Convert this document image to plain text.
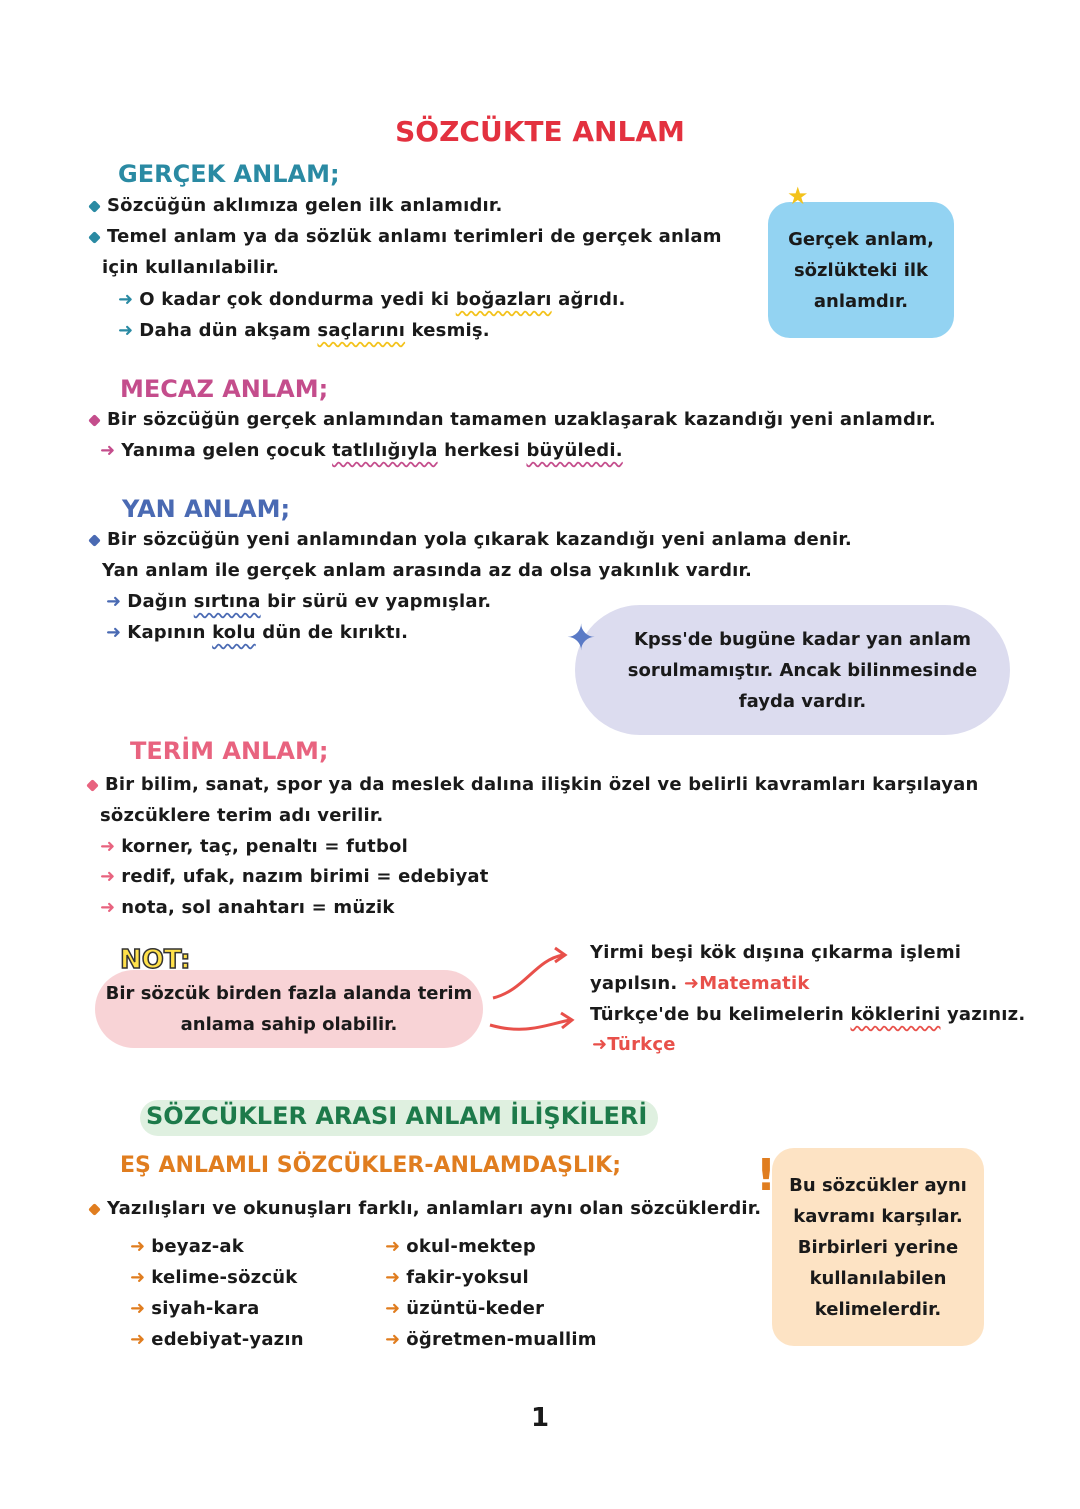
SÖZCÜKTE ANLAM
GERÇEK ANLAM;
Sözcüğün aklımıza gelen ilk anlamıdır.
Temel anlam ya da sözlük anlamı terimleri de gerçek anlam
için kullanılabilir.
➜ O kadar çok dondurma yedi ki boğazları ağrıdı.
➜ Daha dün akşam saçlarını kesmiş.
Gerçek anlam,
sözlükteki ilk
anlamdır.
★
MECAZ ANLAM;
Bir sözcüğün gerçek anlamından tamamen uzaklaşarak kazandığı yeni anlamdır.
➜ Yanıma gelen çocuk tatlılığıyla herkesi büyüledi.
YAN ANLAM;
Bir sözcüğün yeni anlamından yola çıkarak kazandığı yeni anlama denir.
Yan anlam ile gerçek anlam arasında az da olsa yakınlık vardır.
➜ Dağın sırtına bir sürü ev yapmışlar.
➜ Kapının kolu dün de kırıktı.	Kpss'de bugüne kadar yan anlam
sorulmamıştır. Ancak bilinmesinde
fayda vardır.
✦
TERİM ANLAM;
Bir bilim, sanat, spor ya da meslek dalına ilişkin özel ve belirli kavramları karşılayan
sözcüklere terim adı verilir.
➜ korner, taç, penaltı = futbol
➜ redif, ufak, nazım birimi = edebiyat
➜ nota, sol anahtarı = müzik
Bir sözcük birden fazla alanda terim
anlama sahip olabilir.
NOT:	Yirmi beşi kök dışına çıkarma işlemi
yapılsın. ➜Matematik
Türkçe'de bu kelimelerin köklerini yazınız.
➜Türkçe
SÖZCÜKLER ARASI ANLAM İLİŞKİLERİ
EŞ ANLAMLI SÖZCÜKLER-ANLAMDAŞLIK;
Yazılışları ve okunuşları farklı, anlamları aynı olan sözcüklerdir.
➜ beyaz-ak
➜ kelime-sözcük
➜ siyah-kara
➜ edebiyat-yazın
➜ okul-mektep
➜ fakir-yoksul
➜ üzüntü-keder
➜ öğretmen-muallim
Bu sözcükler aynı
kavramı karşılar.
Birbirleri yerine
kullanılabilen
kelimelerdir.
!
1
